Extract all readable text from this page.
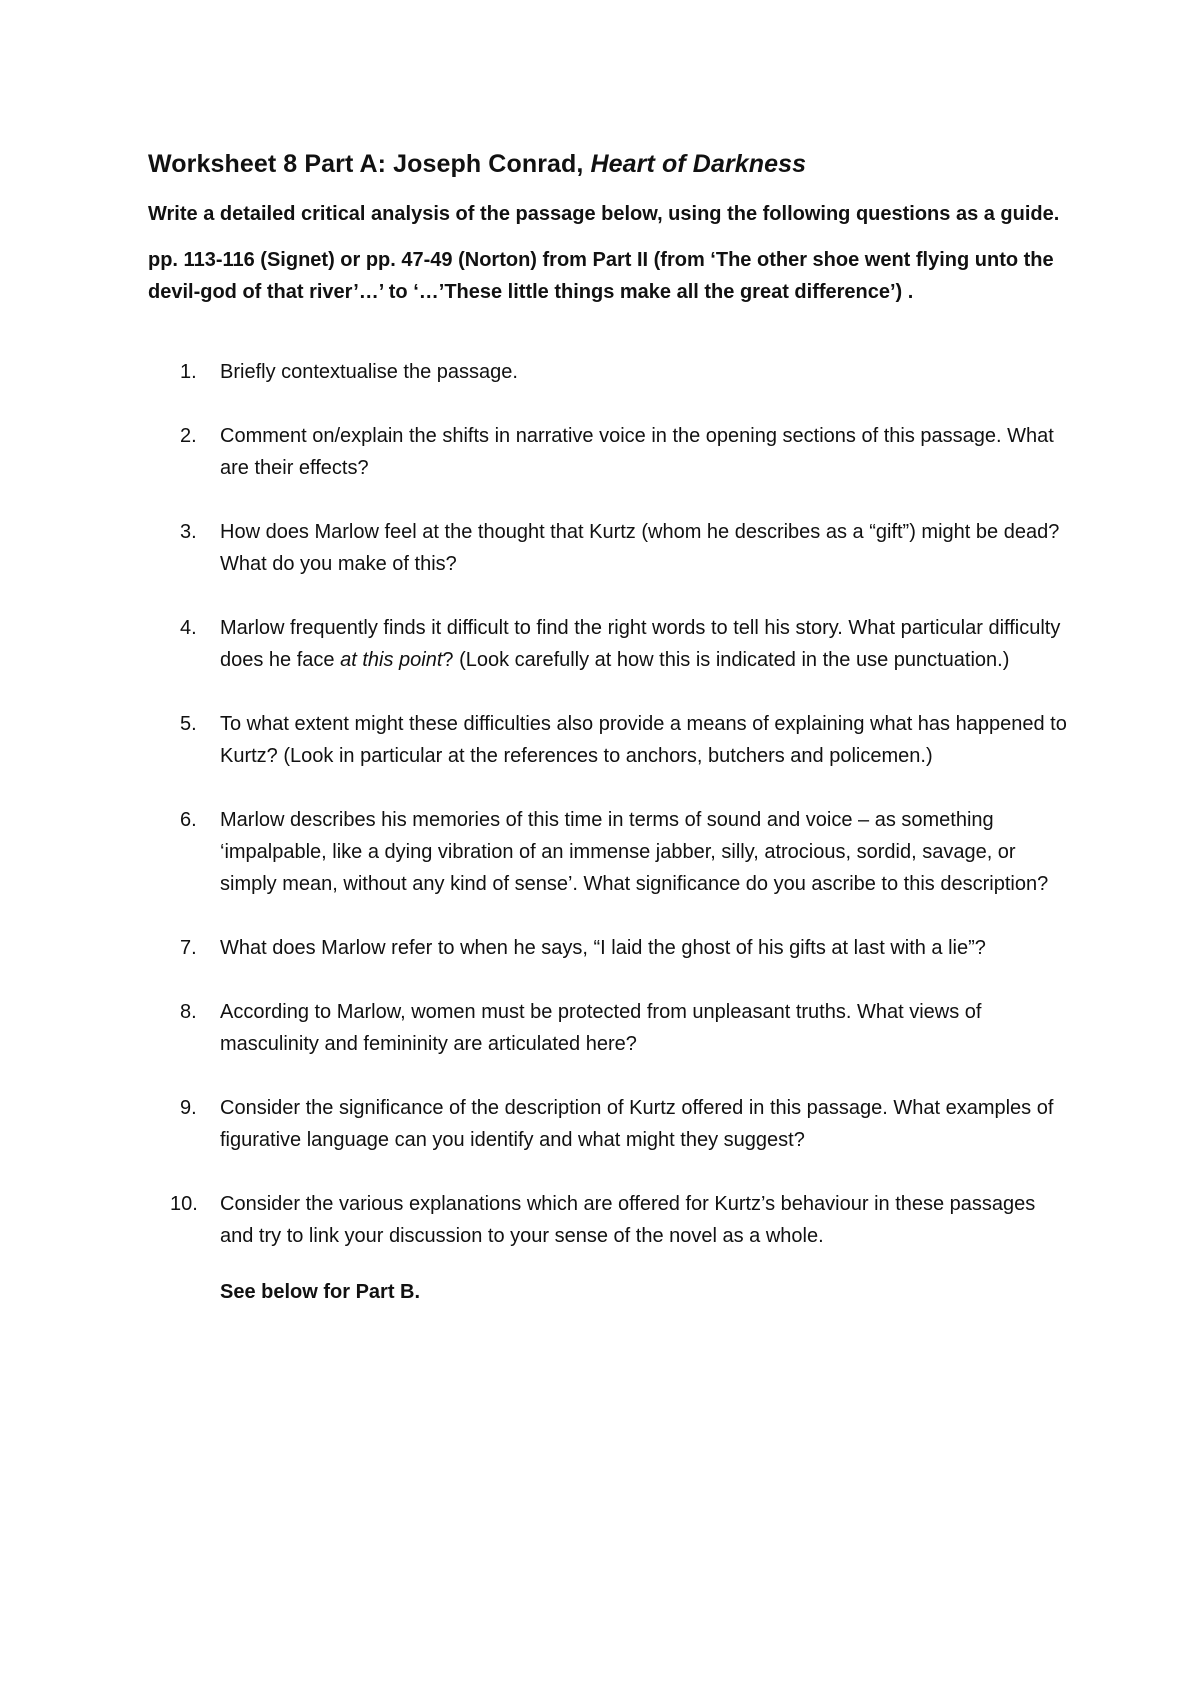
Worksheet 8 Part A: Joseph Conrad, Heart of Darkness

Write a detailed critical analysis of the passage below, using the following questions as a guide.

pp. 113-116 (Signet) or pp. 47-49 (Norton) from Part II (from ‘The other shoe went flying unto the devil-god of that river’…’ to ‘…’These little things make all the great difference’) .

1. Briefly contextualise the passage.
2. Comment on/explain the shifts in narrative voice in the opening sections of this passage. What are their effects?
3. How does Marlow feel at the thought that Kurtz (whom he describes as a “gift”) might be dead? What do you make of this?
4. Marlow frequently finds it difficult to find the right words to tell his story. What particular difficulty does he face at this point? (Look carefully at how this is indicated in the use punctuation.)
5. To what extent might these difficulties also provide a means of explaining what has happened to Kurtz? (Look in particular at the references to anchors, butchers and policemen.)
6. Marlow describes his memories of this time in terms of sound and voice – as something ‘impalpable, like a dying vibration of an immense jabber, silly, atrocious, sordid, savage, or simply mean, without any kind of sense’. What significance do you ascribe to this description?
7. What does Marlow refer to when he says, “I laid the ghost of his gifts at last with a lie”?
8. According to Marlow, women must be protected from unpleasant truths. What views of masculinity and femininity are articulated here?
9. Consider the significance of the description of Kurtz offered in this passage. What examples of figurative language can you identify and what might they suggest?
10. Consider the various explanations which are offered for Kurtz’s behaviour in these passages and try to link your discussion to your sense of the novel as a whole.

See below for Part B.
